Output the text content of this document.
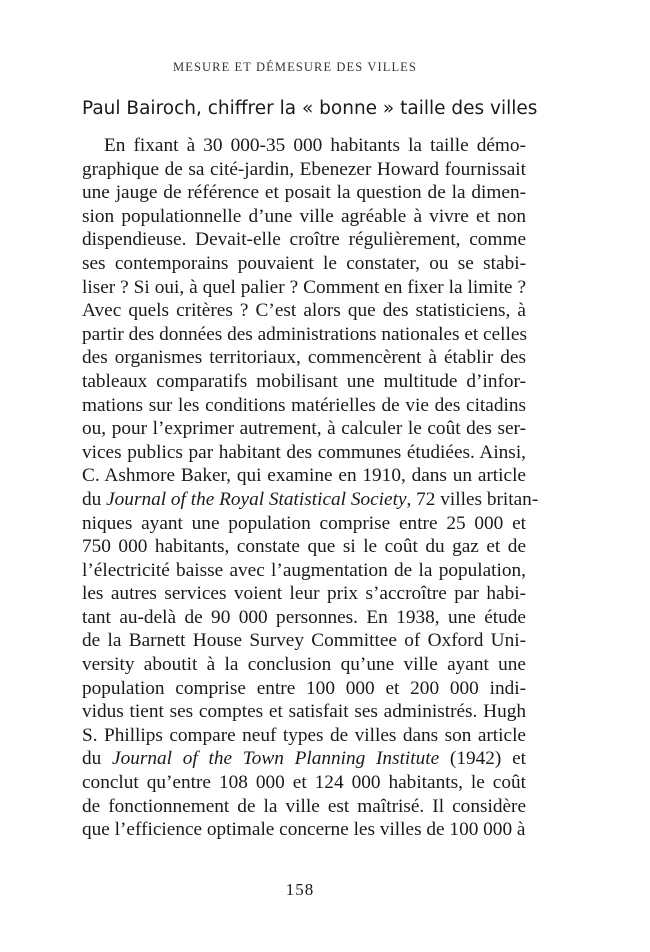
MESURE ET DÉMESURE DES VILLES
Paul Bairoch, chiffrer la « bonne » taille des villes
En fixant à 30 000-35 000 habitants la taille démo-
graphique de sa cité-jardin, Ebenezer Howard fournissait
une jauge de référence et posait la question de la dimen-
sion populationnelle d’une ville agréable à vivre et non
dispendieuse. Devait-elle croître régulièrement, comme
ses contemporains pouvaient le constater, ou se stabi-
liser ? Si oui, à quel palier ? Comment en fixer la limite ?
Avec quels critères ? C’est alors que des statisticiens, à
partir des données des administrations nationales et celles
des organismes territoriaux, commencèrent à établir des
tableaux comparatifs mobilisant une multitude d’infor-
mations sur les conditions matérielles de vie des citadins
ou, pour l’exprimer autrement, à calculer le coût des ser-
vices publics par habitant des communes étudiées. Ainsi,
C. Ashmore Baker, qui examine en 1910, dans un article
du Journal of the Royal Statistical Society, 72 villes britan-
niques ayant une population comprise entre 25 000 et
750 000 habitants, constate que si le coût du gaz et de
l’électricité baisse avec l’augmentation de la population,
les autres services voient leur prix s’accroître par habi-
tant au-delà de 90 000 personnes. En 1938, une étude
de la Barnett House Survey Committee of Oxford Uni-
versity aboutit à la conclusion qu’une ville ayant une
population comprise entre 100 000 et 200 000 indi-
vidus tient ses comptes et satisfait ses administrés. Hugh
S. Phillips compare neuf types de villes dans son article
du Journal of the Town Planning Institute (1942) et
conclut qu’entre 108 000 et 124 000 habitants, le coût
de fonctionnement de la ville est maîtrisé. Il considère
que l’efficience optimale concerne les villes de 100 000 à
158
